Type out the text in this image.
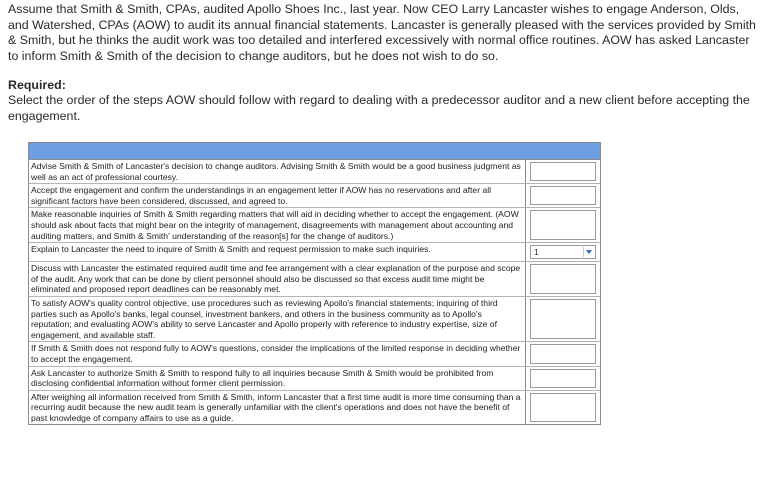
Assume that Smith & Smith, CPAs, audited Apollo Shoes Inc., last year. Now CEO Larry Lancaster wishes to engage Anderson, Olds, and Watershed, CPAs (AOW) to audit its annual financial statements. Lancaster is generally pleased with the services provided by Smith & Smith, but he thinks the audit work was too detailed and interfered excessively with normal office routines. AOW has asked Lancaster to inform Smith & Smith of the decision to change auditors, but he does not wish to do so.
Required:
Select the order of the steps AOW should follow with regard to dealing with a predecessor auditor and a new client before accepting the engagement.
Advise Smith & Smith of Lancaster's decision to change auditors. Advising Smith & Smith would be a good business judgment as well as an act of professional courtesy.
Accept the engagement and confirm the understandings in an engagement letter if AOW has no reservations and after all significant factors have been considered, discussed, and agreed to.
Make reasonable inquiries of Smith & Smith regarding matters that will aid in deciding whether to accept the engagement. (AOW should ask about facts that might bear on the integrity of management, disagreements with management about accounting and auditing matters, and Smith & Smith' understanding of the reason[s] for the change of auditors.)
Explain to Lancaster the need to inquire of Smith & Smith and request permission to make such inquiries.	1
Discuss with Lancaster the estimated required audit time and fee arrangement with a clear explanation of the purpose and scope of the audit. Any work that can be done by client personnel should also be discussed so that excess audit time might be eliminated and proposed report deadlines can be reasonably met.
To satisfy AOW's quality control objective, use procedures such as reviewing Apollo's financial statements; inquiring of third parties such as Apollo's banks, legal counsel, investment bankers, and others in the business community as to Apollo's reputation; and evaluating AOW's ability to serve Lancaster and Apollo properly with reference to industry expertise, size of engagement, and available staff.
If Smith & Smith does not respond fully to AOW's questions, consider the implications of the limited response in deciding whether to accept the engagement.
Ask Lancaster to authorize Smith & Smith to respond fully to all inquiries because Smith & Smith would be prohibited from disclosing confidential information without former client permission.
After weighing all information received from Smith & Smith, inform Lancaster that a first time audit is more time consuming than a recurring audit because the new audit team is generally unfamiliar with the client's operations and does not have the benefit of past knowledge of company affairs to use as a guide.
